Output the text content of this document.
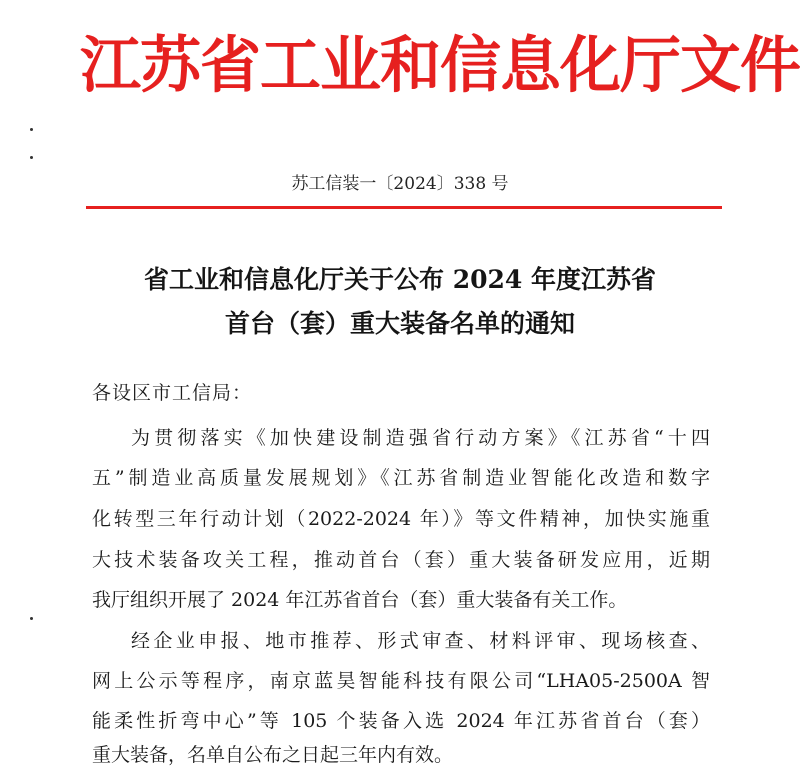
江苏省工业和信息化厅文件
苏工信装一〔2024〕338 号
省工业和信息化厅关于公布 2024 年度江苏省
首台（套）重大装备名单的通知
各设区市工信局：
为贯彻落实《加快建设制造强省行动方案》《江苏省“十四
五”制造业高质量发展规划》《江苏省制造业智能化改造和数字
化转型三年行动计划（2022-2024 年）》等文件精神，加快实施重
大技术装备攻关工程，推动首台（套）重大装备研发应用，近期
我厅组织开展了 2024 年江苏省首台（套）重大装备有关工作。
经企业申报、地市推荐、形式审查、材料评审、现场核查、
网上公示等程序，南京蓝昊智能科技有限公司“LHA05-2500A 智
能柔性折弯中心”等 105 个装备入选 2024 年江苏省首台（套）
重大装备，名单自公布之日起三年内有效。
